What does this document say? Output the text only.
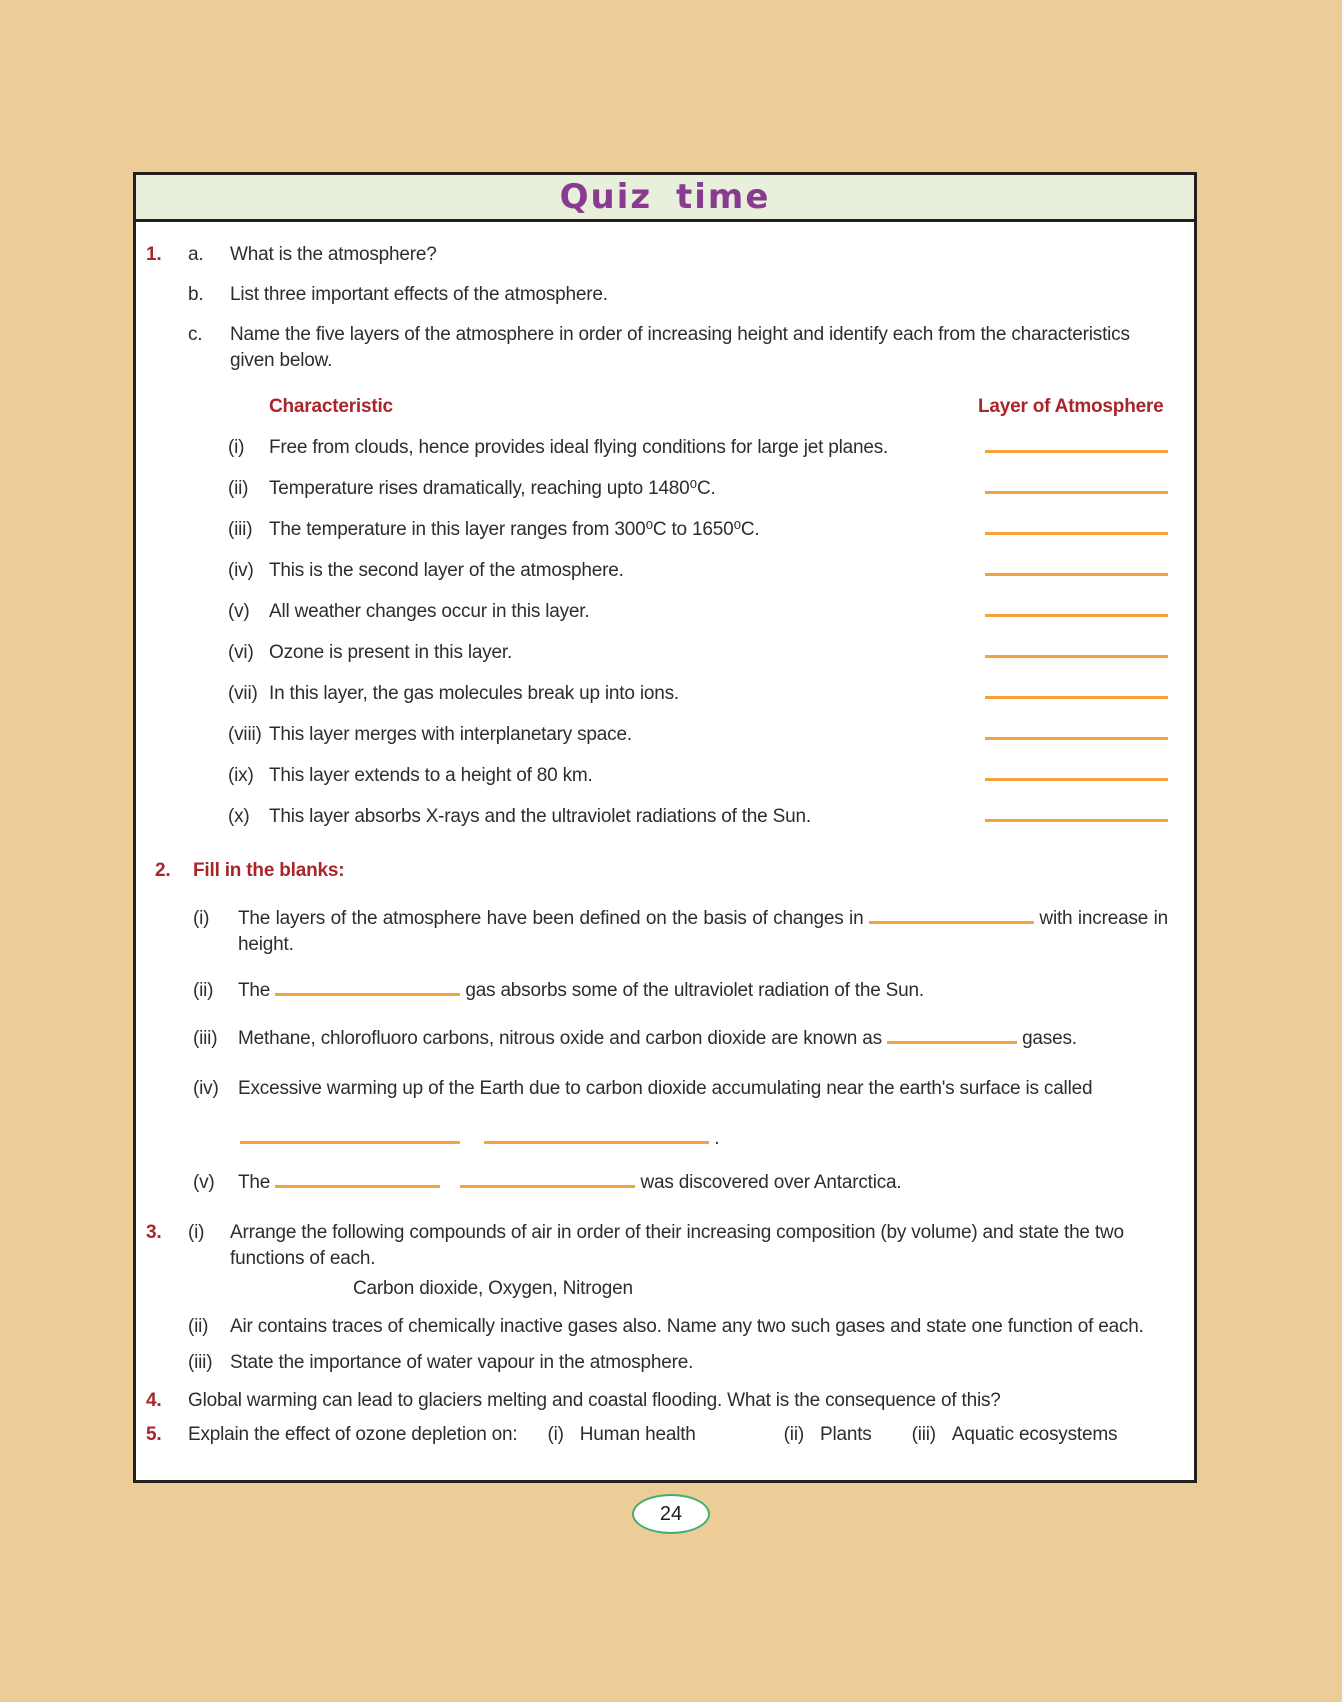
Quiz time
1.	a.	What is the atmosphere?
b.	List three important effects of the atmosphere.
c.	Name the five layers of the atmosphere in order of increasing height and identify each from the characteristics given below.
Characteristic	Layer of Atmosphere
(i)	Free from clouds, hence provides ideal flying conditions for large jet planes.
(ii)	Temperature rises dramatically, reaching upto 1480⁰C.
(iii) The temperature in this layer ranges from 300⁰C to 1650⁰C.
(iv) This is the second layer of the atmosphere.
(v)	All weather changes occur in this layer.
(vi) Ozone is present in this layer.
(vii) In this layer, the gas molecules break up into ions.
(viii) This layer merges with interplanetary space.
(ix) This layer extends to a height of 80 km.
(x)	This layer absorbs X-rays and the ultraviolet radiations of the Sun.
2.	Fill in the blanks:
(i)	The layers of the atmosphere have been defined on the basis of changes in	with increase in height.
(ii)	The	gas absorbs some of the ultraviolet radiation of the Sun.
(iii)	Methane, chlorofluoro carbons, nitrous oxide and carbon dioxide are known as	gases.
(iv)	Excessive warming up of the Earth due to carbon dioxide accumulating near the earth's surface is called
.
(v)	The	was discovered over Antarctica.
3.	(i)	Arrange the following compounds of air in order of their increasing composition (by volume) and state the two functions of each.
Carbon dioxide, Oxygen, Nitrogen
(ii)	Air contains traces of chemically inactive gases also. Name any two such gases and state one function of each.
(iii) State the importance of water vapour in the atmosphere.
4.	Global warming can lead to glaciers melting and coastal flooding. What is the consequence of this?
5.	Explain the effect of ozone depletion on: (i) Human health	(ii) Plants (iii) Aquatic ecosystems
24
